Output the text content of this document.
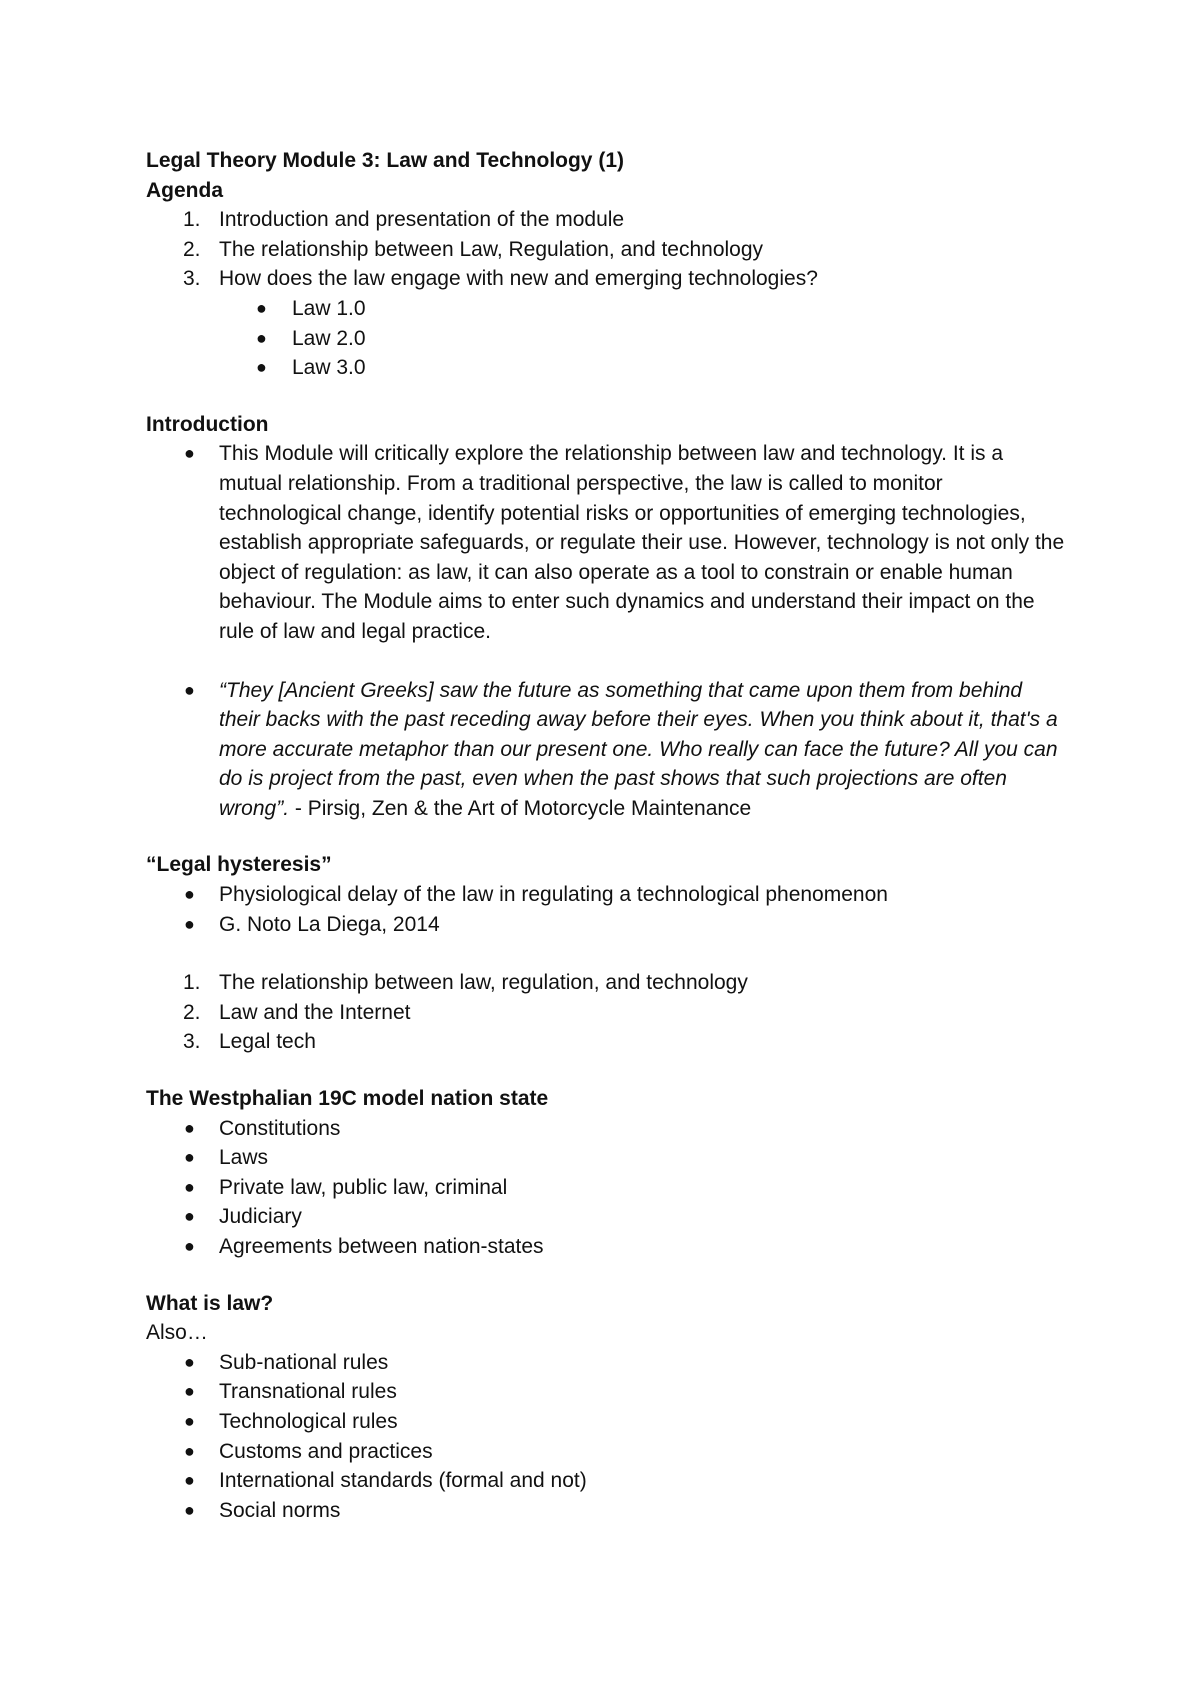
Legal Theory Module 3: Law and Technology (1)
Agenda
1. Introduction and presentation of the module
2. The relationship between Law, Regulation, and technology
3. How does the law engage with new and emerging technologies?
● Law 1.0
● Law 2.0
● Law 3.0
Introduction
● This Module will critically explore the relationship between law and technology. It is a mutual relationship. From a traditional perspective, the law is called to monitor technological change, identify potential risks or opportunities of emerging technologies, establish appropriate safeguards, or regulate their use. However, technology is not only the object of regulation: as law, it can also operate as a tool to constrain or enable human behaviour. The Module aims to enter such dynamics and understand their impact on the rule of law and legal practice.
● “They [Ancient Greeks] saw the future as something that came upon them from behind their backs with the past receding away before their eyes. When you think about it, that's a more accurate metaphor than our present one. Who really can face the future? All you can do is project from the past, even when the past shows that such projections are often wrong”. - Pirsig, Zen & the Art of Motorcycle Maintenance
“Legal hysteresis”
● Physiological delay of the law in regulating a technological phenomenon
● G. Noto La Diega, 2014
1. The relationship between law, regulation, and technology
2. Law and the Internet
3. Legal tech
The Westphalian 19C model nation state
● Constitutions
● Laws
● Private law, public law, criminal
● Judiciary
● Agreements between nation-states
What is law?
Also…
● Sub-national rules
● Transnational rules
● Technological rules
● Customs and practices
● International standards (formal and not)
● Social norms
